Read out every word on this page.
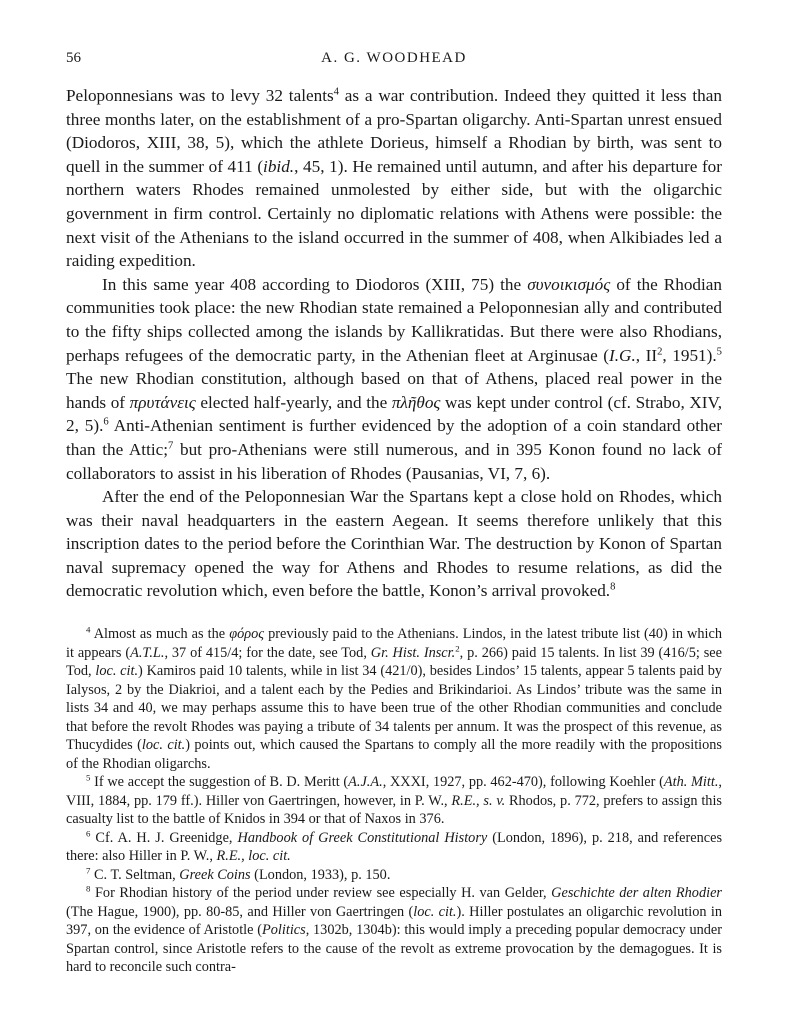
56	A. G. WOODHEAD

Peloponnesians was to levy 32 talents$^4$ as a war contribution. Indeed they quitted it less than three months later, on the establishment of a pro-Spartan oligarchy. Anti-Spartan unrest ensued (Diodoros, XIII, 38, 5), which the athlete Dorieus, himself a Rhodian by birth, was sent to quell in the summer of 411 (ibid., 45, 1). He remained until autumn, and after his departure for northern waters Rhodes remained unmolested by either side, but with the oligarchic government in firm control. Certainly no diplomatic relations with Athens were possible: the next visit of the Athenians to the island occurred in the summer of 408, when Alkibiades led a raiding expedition.

In this same year 408 according to Diodoros (XIII, 75) the συνοικισμός of the Rhodian communities took place: the new Rhodian state remained a Peloponnesian ally and contributed to the fifty ships collected among the islands by Kallikratidas. But there were also Rhodians, perhaps refugees of the democratic party, in the Athenian fleet at Arginusae (I.G., $II^2$, 1951).$^5$ The new Rhodian constitution, although based on that of Athens, placed real power in the hands of πρυτάνεις elected half-yearly, and the πλῆθος was kept under control (cf. Strabo, XIV, 2, 5).$^6$ Anti-Athenian sentiment is further evidenced by the adoption of a coin standard other than the Attic;$^7$ but pro-Athenians were still numerous, and in 395 Konon found no lack of collaborators to assist in his liberation of Rhodes (Pausanias, VI, 7, 6).

After the end of the Peloponnesian War the Spartans kept a close hold on Rhodes, which was their naval headquarters in the eastern Aegean. It seems therefore unlikely that this inscription dates to the period before the Corinthian War. The destruction by Konon of Spartan naval supremacy opened the way for Athens and Rhodes to resume relations, as did the democratic revolution which, even before the battle, Konon’s arrival provoked.$^8$

$^4$ Almost as much as the φόρος previously paid to the Athenians. Lindos, in the latest tribute list (40) in which it appears (A.T.L., 37 of 415/4; for the date, see Tod, Gr. Hist. Inscr.$^2$, p. 266) paid 15 talents. In list 39 (416/5; see Tod, loc. cit.) Kamiros paid 10 talents, while in list 34 (421/0), besides Lindos’ 15 talents, appear 5 talents paid by Ialysos, 2 by the Diakrioi, and a talent each by the Pedies and Brikindarioi. As Lindos’ tribute was the same in lists 34 and 40, we may perhaps assume this to have been true of the other Rhodian communities and conclude that before the revolt Rhodes was paying a tribute of 34 talents per annum. It was the prospect of this revenue, as Thucydides (loc. cit.) points out, which caused the Spartans to comply all the more readily with the propositions of the Rhodian oligarchs.

$^5$ If we accept the suggestion of B. D. Meritt (A.J.A., XXXI, 1927, pp. 462-470), following Koehler (Ath. Mitt., VIII, 1884, pp. 179 ff.). Hiller von Gaertringen, however, in P. W., R.E., s. v. Rhodos, p. 772, prefers to assign this casualty list to the battle of Knidos in 394 or that of Naxos in 376.

$^6$ Cf. A. H. J. Greenidge, Handbook of Greek Constitutional History (London, 1896), p. 218, and references there: also Hiller in P. W., R.E., loc. cit.

$^7$ C. T. Seltman, Greek Coins (London, 1933), p. 150.

$^8$ For Rhodian history of the period under review see especially H. van Gelder, Geschichte der alten Rhodier (The Hague, 1900), pp. 80-85, and Hiller von Gaertringen (loc. cit.). Hiller postulates an oligarchic revolution in 397, on the evidence of Aristotle (Politics, 1302b, 1304b): this would imply a preceding popular democracy under Spartan control, since Aristotle refers to the cause of the revolt as extreme provocation by the demagogues. It is hard to reconcile such contra-
